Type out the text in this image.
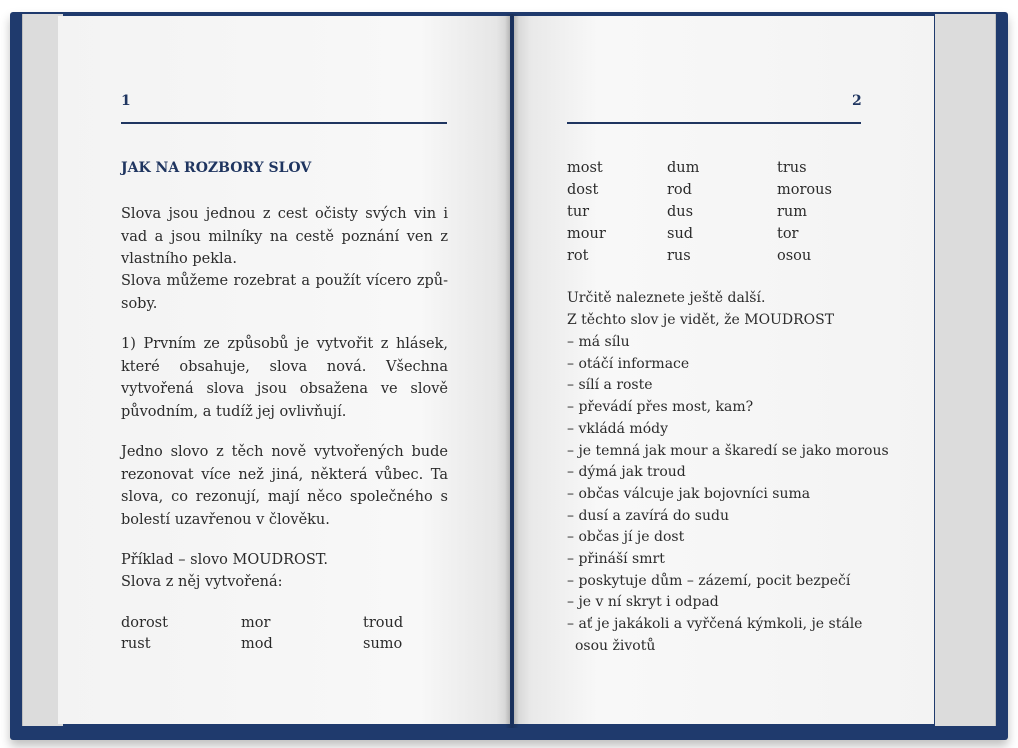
1
JAK NA ROZBORY SLOV

Slova jsou jednou z cest očisty svých vin i vad a jsou milníky na cestě poznání ven z vlastního pekla.

Slova můžeme rozebrat a použít vícero způsoby.

1) Prvním ze způsobů je vytvořit z hlásek, které obsahuje, slova nová. Všechna vytvořená slova jsou obsažena ve slově původním, a tudíž jej ovlivňují.

Jedno slovo z těch nově vytvořených bude rezonovat více než jiná, některá vůbec. Ta slova, co rezonují, mají něco společného s bolestí uzavřenou v člověku.

Příklad – slovo MOUDROST.

Slova z něj vytvořená:

dorost	mor	troud
rust	mod	sumo
2
most	dum	trus
dost	rod	morous
tur	dus	rum
mour	sud	tor
rot	rus	osou
Určitě naleznete ještě další.
Z těchto slov je vidět, že MOUDROST
– má sílu
– otáčí informace
– sílí a roste
– převádí přes most, kam?
– vkládá módy
– je temná jak mour a škaredí se jako morous
– dýmá jak troud
– občas válcuje jak bojovníci suma
– dusí a zavírá do sudu
– občas jí je dost
– přináší smrt
– poskytuje dům – zázemí, pocit bezpečí
– je v ní skryt i odpad
– ať je jakákoli a vyřčená kýmkoli, je stále
osou životů
